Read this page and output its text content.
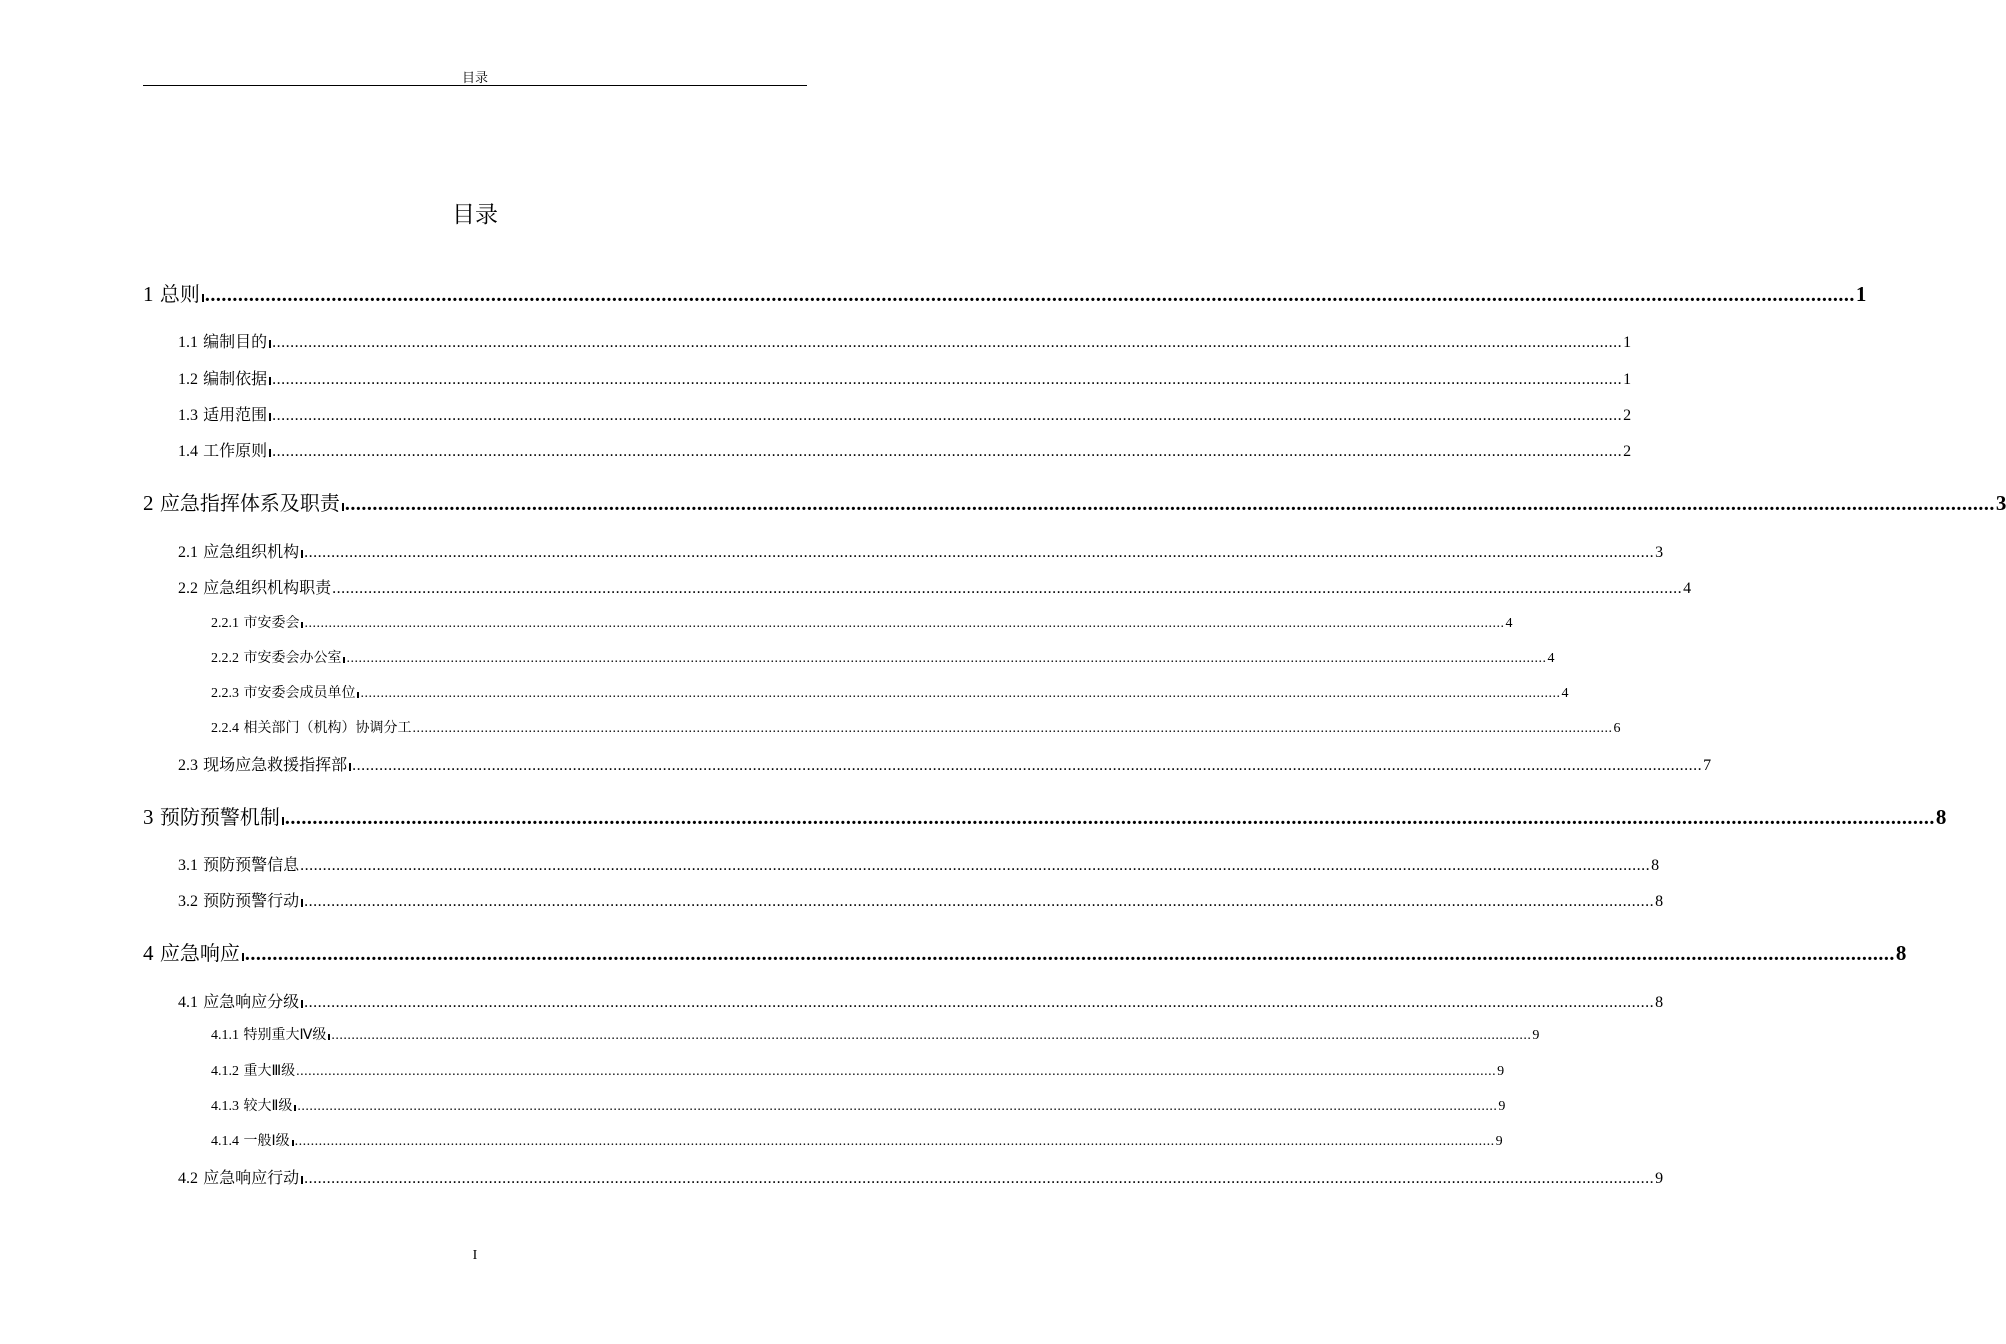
目录
目录
1
总则 ............................................................................................................................................................................................................................................................................................................ 1
1.1
编制目的 ............................................................................................................................................................................................................................................................................................................ 1
1.2
编制依据 ............................................................................................................................................................................................................................................................................................................ 1
1.3
适用范围 ............................................................................................................................................................................................................................................................................................................ 2
1.4
工作原则 ............................................................................................................................................................................................................................................................................................................ 2
2
应急指挥体系及职责 ............................................................................................................................................................................................................................................................................................................ 3
2.1
应急组织机构 ............................................................................................................................................................................................................................................................................................................ 3
2.2
应急组织机构职责 ............................................................................................................................................................................................................................................................................................................ 4
2.2.1
市安委会 ............................................................................................................................................................................................................................................................................................................ 4
2.2.2
市安委会办公室 ............................................................................................................................................................................................................................................................................................................ 4
2.2.3
市安委会成员单位 ............................................................................................................................................................................................................................................................................................................ 4
2.2.4
相关部门（机构）协调分工 ............................................................................................................................................................................................................................................................................................................ 6
2.3
现场应急救援指挥部 ............................................................................................................................................................................................................................................................................................................ 7
3
预防预警机制 ............................................................................................................................................................................................................................................................................................................ 8
3.1
预防预警信息 ............................................................................................................................................................................................................................................................................................................ 8
3.2
预防预警行动 ............................................................................................................................................................................................................................................................................................................ 8
4
应急响应 ............................................................................................................................................................................................................................................................................................................ 8
4.1
应急响应分级 ............................................................................................................................................................................................................................................................................................................ 8
4.1.1
特别重大Ⅳ级 ............................................................................................................................................................................................................................................................................................................ 9
4.1.2
重大Ⅲ级 ............................................................................................................................................................................................................................................................................................................ 9
4.1.3
较大Ⅱ级 ............................................................................................................................................................................................................................................................................................................ 9
4.1.4
一般Ⅰ级 ............................................................................................................................................................................................................................................................................................................ 9
4.2
应急响应行动 ............................................................................................................................................................................................................................................................................................................ 9
I
